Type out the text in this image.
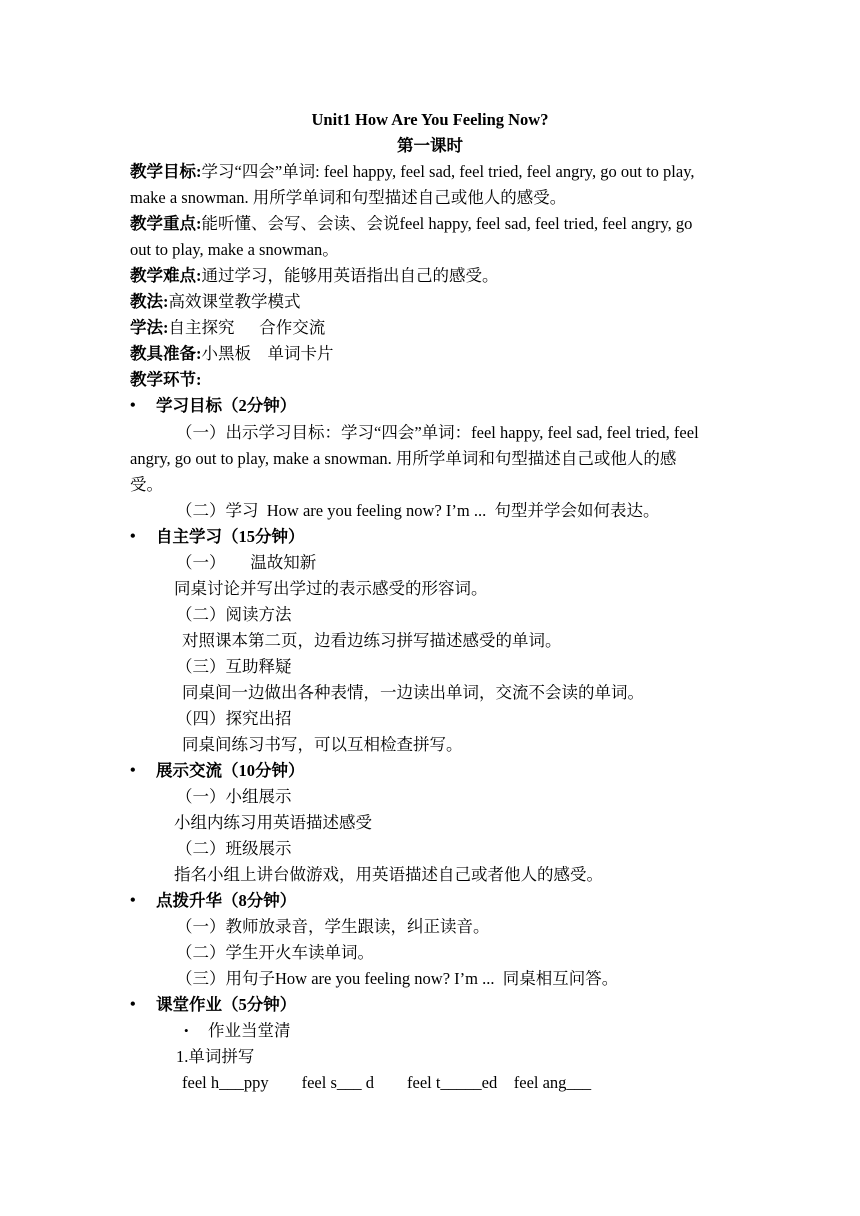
Unit1 How Are You Feeling Now?
第一课时
教学目标:学习“四会”单词: feel happy, feel sad, feel tried, feel angry, go out to play,
make a snowman. 用所学单词和句型描述自己或他人的感受。
教学重点:能听懂、会写、会读、会说feel happy, feel sad, feel tried, feel angry, go
out to play, make a snowman。
教学难点:通过学习，能够用英语指出自己的感受。
教法:高效课堂教学模式
学法:自主探究      合作交流
教具准备:小黑板    单词卡片
教学环节:
• 学习目标（2分钟）
（一）出示学习目标：学习“四会”单词：feel happy, feel sad, feel tried, feel
angry, go out to play, make a snowman. 用所学单词和句型描述自己或他人的感
受。
（二）学习  How are you feeling now? I’m ...  句型并学会如何表达。
• 自主学习（15分钟）
（一）      温故知新
同桌讨论并写出学过的表示感受的形容词。
（二）阅读方法
对照课本第二页，边看边练习拼写描述感受的单词。
（三）互助释疑
同桌间一边做出各种表情，一边读出单词，交流不会读的单词。
（四）探究出招
同桌间练习书写，可以互相检查拼写。
• 展示交流（10分钟）
（一）小组展示
小组内练习用英语描述感受
（二）班级展示
指名小组上讲台做游戏，用英语描述自己或者他人的感受。
• 点拨升华（8分钟）
（一）教师放录音，学生跟读，纠正读音。
（二）学生开火车读单词。
（三）用句子How are you feeling now? I’m ...  同桌相互问答。
• 课堂作业（5分钟）
• 作业当堂清
1.单词拼写
feel h___ppy        feel s___ d        feel t_____ed    feel ang___
